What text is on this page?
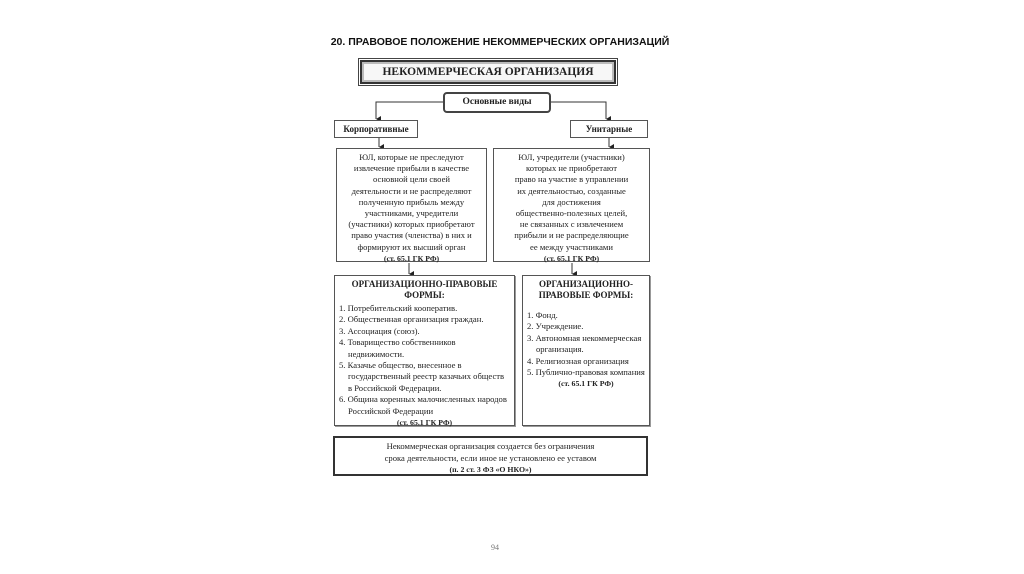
20. ПРАВОВОЕ ПОЛОЖЕНИЕ НЕКОММЕРЧЕСКИХ ОРГАНИЗАЦИЙ
НЕКОММЕРЧЕСКАЯ ОРГАНИЗАЦИЯ
Основные виды
Корпоративные	Унитарные
ЮЛ, которые не преследуют
извлечение прибыли в качестве
основной цели своей
деятельности и не распределяют
полученную прибыль между
участниками, учредители
(участники) которых приобретают
право участия (членства) в них и
формируют их высший орган
(ст. 65.1 ГК РФ)
ЮЛ, учредители (участники)
которых не приобретают
право на участие в управлении
их деятельностью, созданные
для достижения
общественно-полезных целей,
не связанных с извлечением
прибыли и не распределяющие
ее между участниками
(ст. 65.1 ГК РФ)
ОРГАНИЗАЦИОННО-ПРАВОВЫЕ ФОРМЫ:
1. Потребительский кооператив.
2. Общественная организация граждан.
3. Ассоциация (союз).
4. Товарищество собственников недвижимости.
5. Казачье общество, внесенное в государственный реестр казачьих обществ в Российской Федерации.
6. Община коренных малочисленных народов Российской Федерации
(ст. 65.1 ГК РФ)
ОРГАНИЗАЦИОННО-ПРАВОВЫЕ ФОРМЫ:
1. Фонд.
2. Учреждение.
3. Автономная некоммерческая организация.
4. Религиозная организация
5. Публично-правовая компания
(ст. 65.1 ГК РФ)
Некоммерческая организация создается без ограничения
срока деятельности, если иное не установлено ее уставом
(п. 2 ст. 3 ФЗ «О НКО»)
94
